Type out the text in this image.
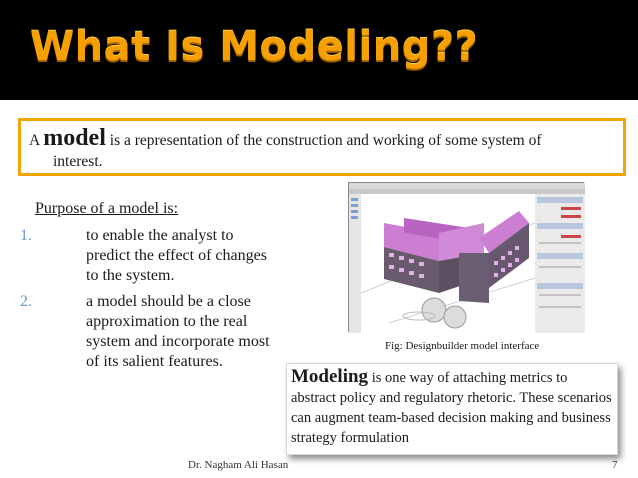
What Is Modeling??
A model is a representation of the construction and working of some system of
interest.
Purpose of a model is:
1.	to enable the analyst to predict the effect of changes to the system.
2.	a model should be a close approximation to the real system and incorporate most of its salient features.
Fig: Designbuilder model interface
Modeling is one way of attaching metrics to abstract policy and regulatory rhetoric. These scenarios can augment team-based decision making and business strategy formulation
Dr. Nagham Ali Hasan	7
